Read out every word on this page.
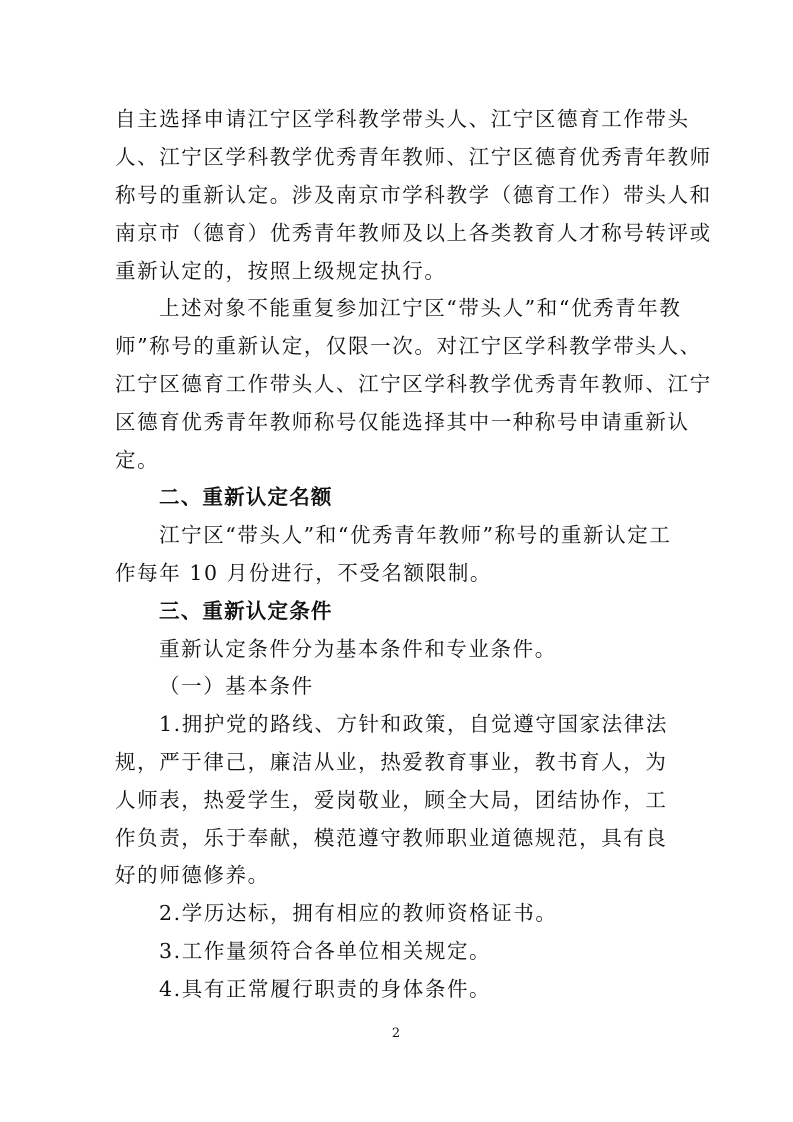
自主选择申请江宁区学科教学带头人、江宁区德育工作带头
人、江宁区学科教学优秀青年教师、江宁区德育优秀青年教师
称号的重新认定。涉及南京市学科教学（德育工作）带头人和
南京市（德育）优秀青年教师及以上各类教育人才称号转评或
重新认定的，按照上级规定执行。
上述对象不能重复参加江宁区“带头人”和“优秀青年教
师”称号的重新认定，仅限一次。对江宁区学科教学带头人、
江宁区德育工作带头人、江宁区学科教学优秀青年教师、江宁
区德育优秀青年教师称号仅能选择其中一种称号申请重新认
定。
二、重新认定名额
江宁区“带头人”和“优秀青年教师”称号的重新认定工
作每年 10 月份进行，不受名额限制。
三、重新认定条件
重新认定条件分为基本条件和专业条件。
（一）基本条件
1.拥护党的路线、方针和政策，自觉遵守国家法律法
规，严于律己，廉洁从业，热爱教育事业，教书育人，为
人师表，热爱学生，爱岗敬业，顾全大局，团结协作，工
作负责，乐于奉献，模范遵守教师职业道德规范，具有良
好的师德修养。
2.学历达标，拥有相应的教师资格证书。
3.工作量须符合各单位相关规定。
4.具有正常履行职责的身体条件。
2
